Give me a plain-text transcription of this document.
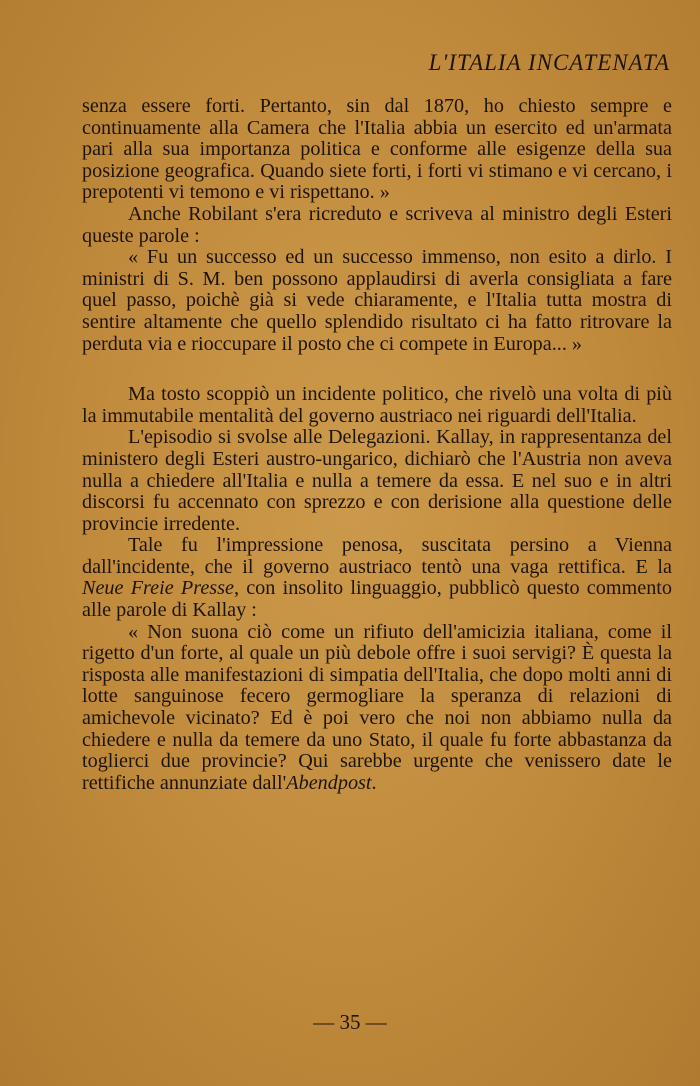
L'ITALIA INCATENATA

senza essere forti. Pertanto, sin dal 1870, ho chiesto sempre e continuamente alla Camera che l'Italia abbia un esercito ed un'armata pari alla sua importanza politica e conforme alle esigenze della sua posizione geografica. Quando siete forti, i forti vi stimano e vi cercano, i prepotenti vi temono e vi rispettano. »

Anche Robilant s'era ricreduto e scriveva al ministro degli Esteri queste parole :

« Fu un successo ed un successo immenso, non esito a dirlo. I ministri di S. M. ben possono applaudirsi di averla consigliata a fare quel passo, poichè già si vede chiaramente, e l'Italia tutta mostra di sentire altamente che quello splendido risultato ci ha fatto ritrovare la perduta via e rioccupare il posto che ci compete in Europa... »

Ma tosto scoppiò un incidente politico, che rivelò una volta di più la immutabile mentalità del governo austriaco nei riguardi dell'Italia.

L'episodio si svolse alle Delegazioni. Kallay, in rappresentanza del ministero degli Esteri austro-ungarico, dichiarò che l'Austria non aveva nulla a chiedere all'Italia e nulla a temere da essa. E nel suo e in altri discorsi fu accennato con sprezzo e con derisione alla questione delle provincie irredente.

Tale fu l'impressione penosa, suscitata persino a Vienna dall'incidente, che il governo austriaco tentò una vaga rettifica. E la Neue Freie Presse, con insolito linguaggio, pubblicò questo commento alle parole di Kallay :

« Non suona ciò come un rifiuto dell'amicizia italiana, come il rigetto d'un forte, al quale un più debole offre i suoi servigi? È questa la risposta alle manifestazioni di simpatia dell'Italia, che dopo molti anni di lotte sanguinose fecero germogliare la speranza di relazioni di amichevole vicinato? Ed è poi vero che noi non abbiamo nulla da chiedere e nulla da temere da uno Stato, il quale fu forte abbastanza da toglierci due provincie? Qui sarebbe urgente che venissero date le rettifiche annunziate dall'Abendpost.

— 35 —
